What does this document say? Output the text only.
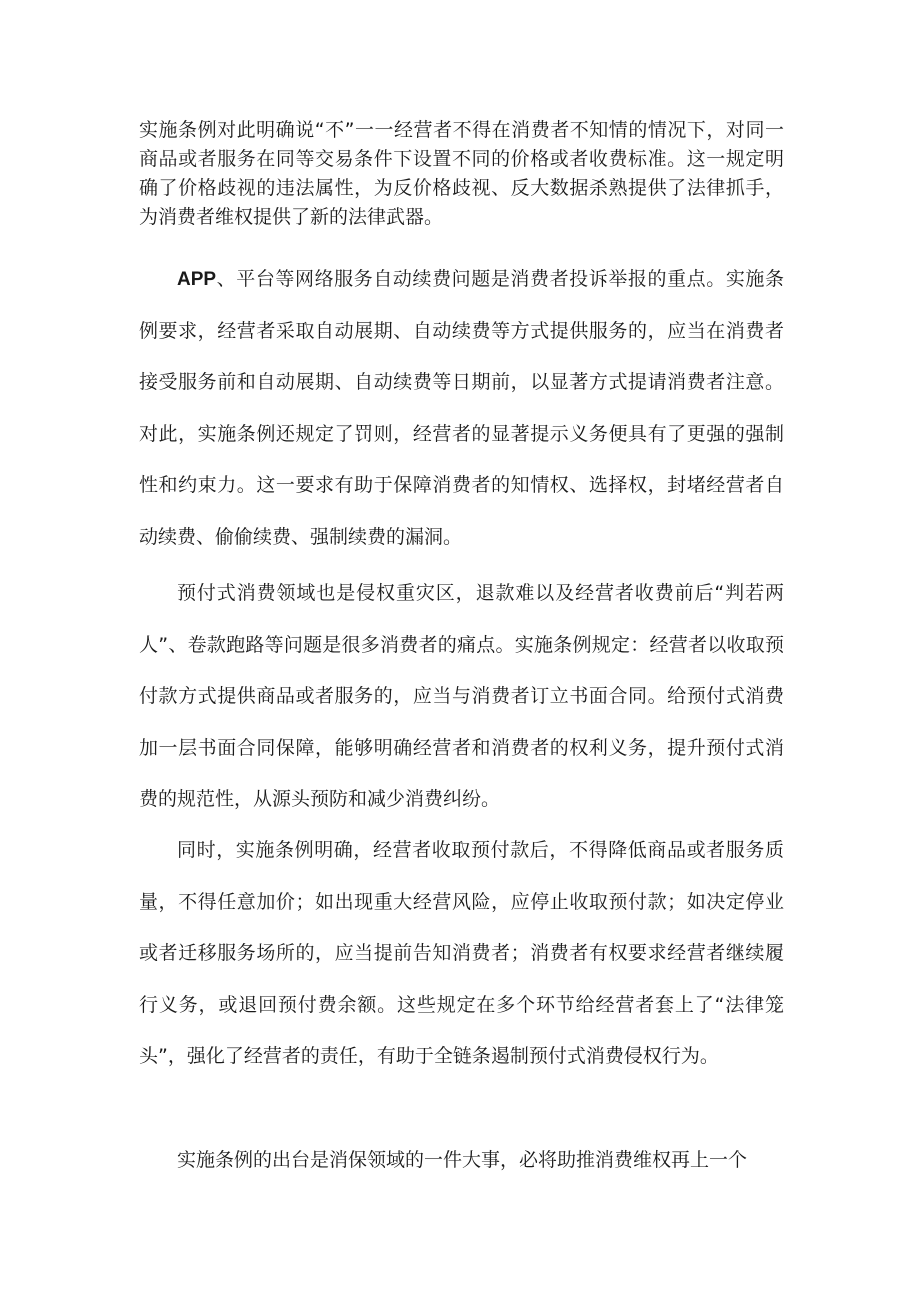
实施条例对此明确说“不”一一经营者不得在消费者不知情的情况下，对同一商品或者服务在同等交易条件下设置不同的价格或者收费标准。这一规定明确了价格歧视的违法属性，为反价格歧视、反大数据杀熟提供了法律抓手，为消费者维权提供了新的法律武器。

APP、平台等网络服务自动续费问题是消费者投诉举报的重点。实施条例要求，经营者采取自动展期、自动续费等方式提供服务的，应当在消费者接受服务前和自动展期、自动续费等日期前，以显著方式提请消费者注意。对此，实施条例还规定了罚则，经营者的显著提示义务便具有了更强的强制性和约束力。这一要求有助于保障消费者的知情权、选择权，封堵经营者自动续费、偷偷续费、强制续费的漏洞。

预付式消费领域也是侵权重灾区，退款难以及经营者收费前后“判若两人”、卷款跑路等问题是很多消费者的痛点。实施条例规定：经营者以收取预付款方式提供商品或者服务的，应当与消费者订立书面合同。给预付式消费加一层书面合同保障，能够明确经营者和消费者的权利义务，提升预付式消费的规范性，从源头预防和减少消费纠纷。

同时，实施条例明确，经营者收取预付款后，不得降低商品或者服务质量，不得任意加价；如出现重大经营风险，应停止收取预付款；如决定停业或者迁移服务场所的，应当提前告知消费者；消费者有权要求经营者继续履行义务，或退回预付费余额。这些规定在多个环节给经营者套上了“法律笼头”，强化了经营者的责任，有助于全链条遏制预付式消费侵权行为。

实施条例的出台是消保领域的一件大事，必将助推消费维权再上一个
